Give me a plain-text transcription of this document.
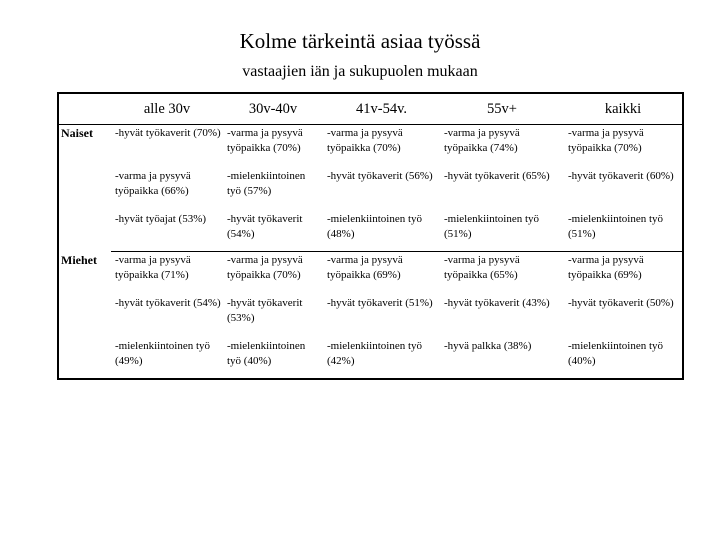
Kolme tärkeintä asiaa työssä
vastaajien iän ja sukupuolen mukaan
	alle 30v	30v-40v	41v-54v.	55v+	kaikki
Naiset	-hyvät työkaverit (70%)	-varma ja pysyvä työpaikka (70%)	-varma ja pysyvä työpaikka (70%)	-varma ja pysyvä työpaikka (74%)	-varma ja pysyvä työpaikka (70%)
	-varma ja pysyvä työpaikka (66%)	-mielenkiintoinen työ (57%)	-hyvät työkaverit (56%)	-hyvät työkaverit (65%)	-hyvät työkaverit (60%)
	-hyvät työajat (53%)	-hyvät työkaverit (54%)	-mielenkiintoinen työ (48%)	-mielenkiintoinen työ (51%)	-mielenkiintoinen työ (51%)
Miehet	-varma ja pysyvä työpaikka (71%)	-varma ja pysyvä työpaikka (70%)	-varma ja pysyvä työpaikka (69%)	-varma ja pysyvä työpaikka (65%)	-varma ja pysyvä työpaikka (69%)
	-hyvät työkaverit (54%)	-hyvät työkaverit (53%)	-hyvät työkaverit (51%)	-hyvät työkaverit (43%)	-hyvät työkaverit (50%)
	-mielenkiintoinen työ (49%)	-mielenkiintoinen työ (40%)	-mielenkiintoinen työ (42%)	-hyvä palkka (38%)	-mielenkiintoinen työ (40%)
